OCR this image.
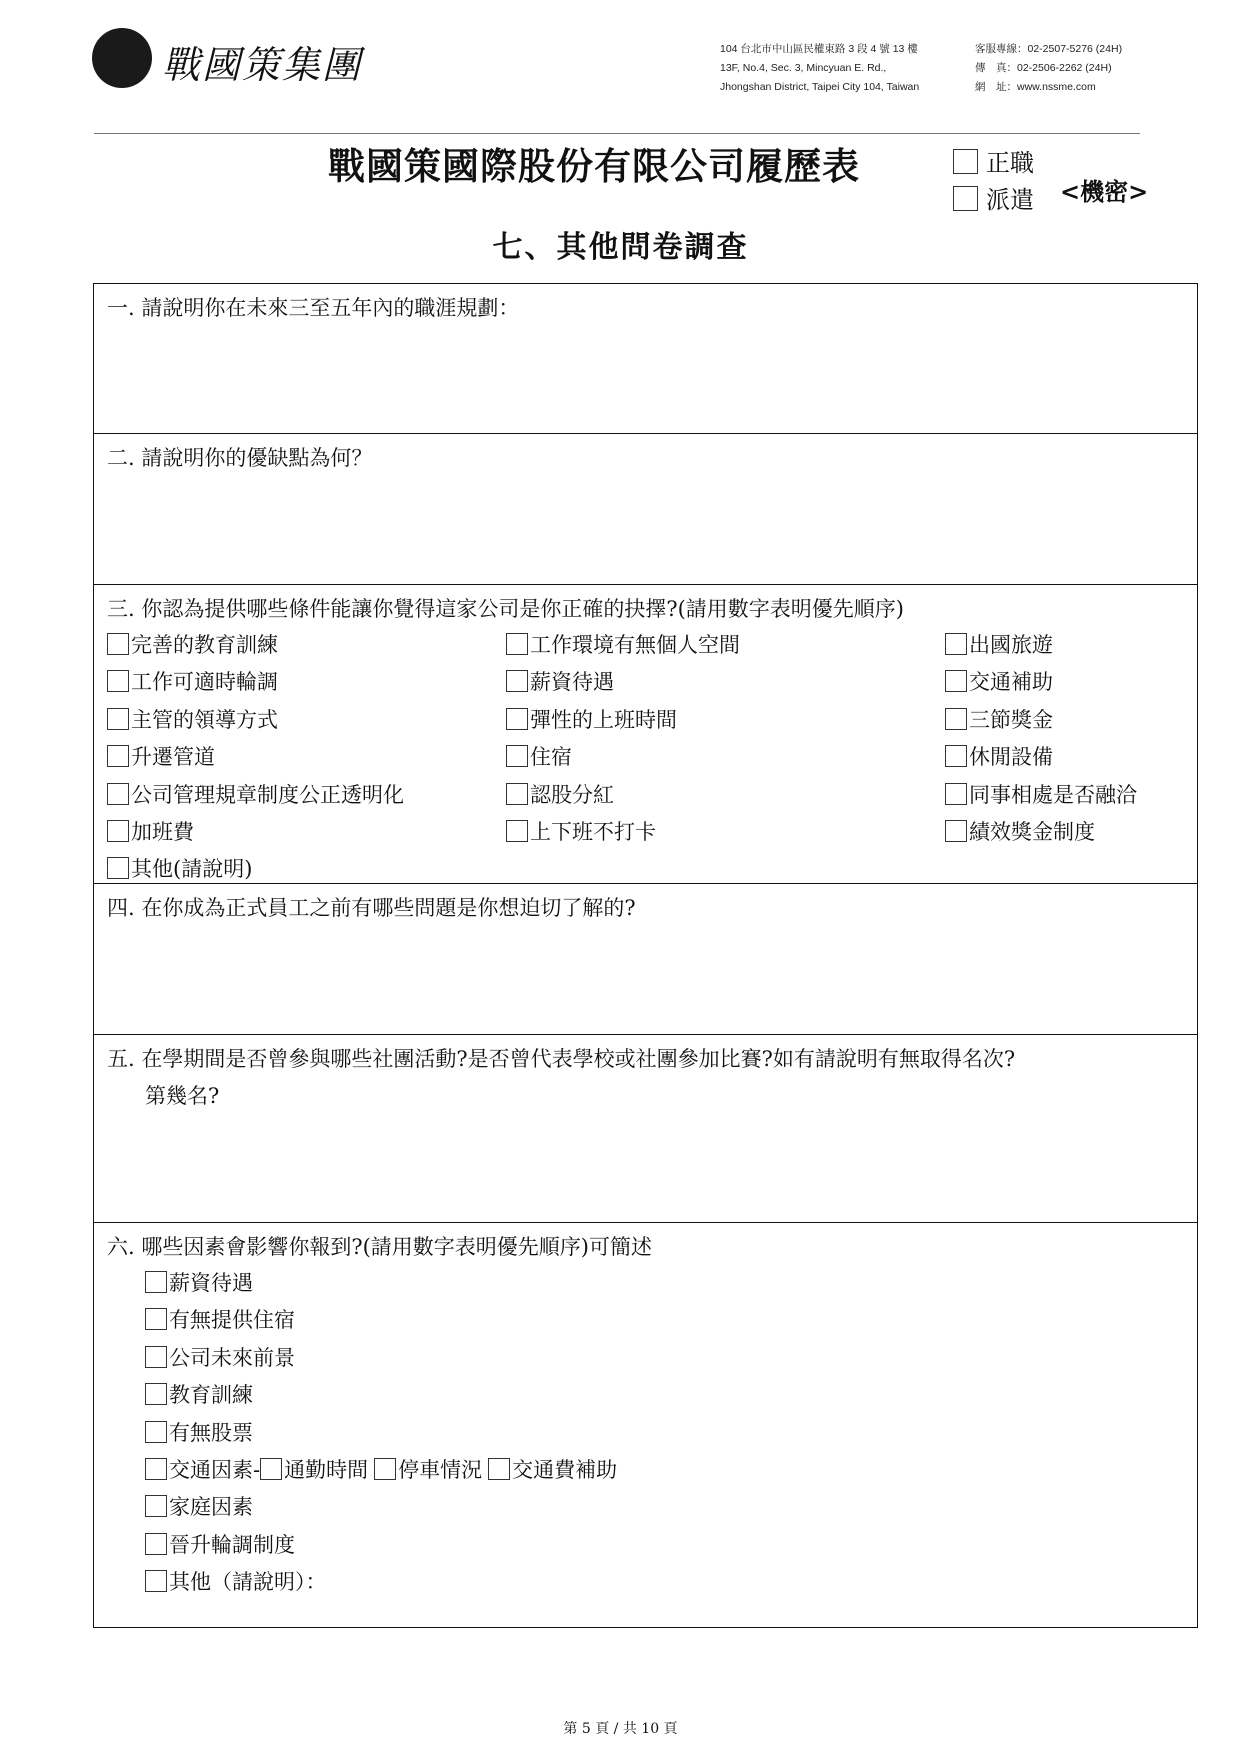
戰國策集團	104 台北市中山區民權東路 3 段 4 號 13 樓
13F, No.4, Sec. 3, Mincyuan E. Rd.,
Jhongshan District, Taipei City 104, Taiwan
客服專線：02-2507-5276 (24H)
傳　真：02-2506-2262 (24H)
網　址：www.nssme.com
戰國策國際股份有限公司履歷表	正職
派遣 <機密>
七、其他問卷調查
一. 請說明你在未來三至五年內的職涯規劃：
二. 請說明你的優缺點為何？
三. 你認為提供哪些條件能讓你覺得這家公司是你正確的抉擇?(請用數字表明優先順序)
完善的教育訓練
工作可適時輪調
主管的領導方式
升遷管道
公司管理規章制度公正透明化
加班費
其他(請說明)
工作環境有無個人空間
薪資待遇
彈性的上班時間
住宿
認股分紅
上下班不打卡
出國旅遊
交通補助
三節獎金
休閒設備
同事相處是否融洽
績效獎金制度
四. 在你成為正式員工之前有哪些問題是你想迫切了解的?
五. 在學期間是否曾參與哪些社團活動?是否曾代表學校或社團參加比賽?如有請說明有無取得名次?
第幾名?
六. 哪些因素會影響你報到?(請用數字表明優先順序)可簡述
薪資待遇
有無提供住宿
公司未來前景
教育訓練
有無股票
交通因素- 通勤時間 停車情況 交通費補助
家庭因素
晉升輪調制度
其他（請說明）：
第 5 頁 / 共 10 頁
